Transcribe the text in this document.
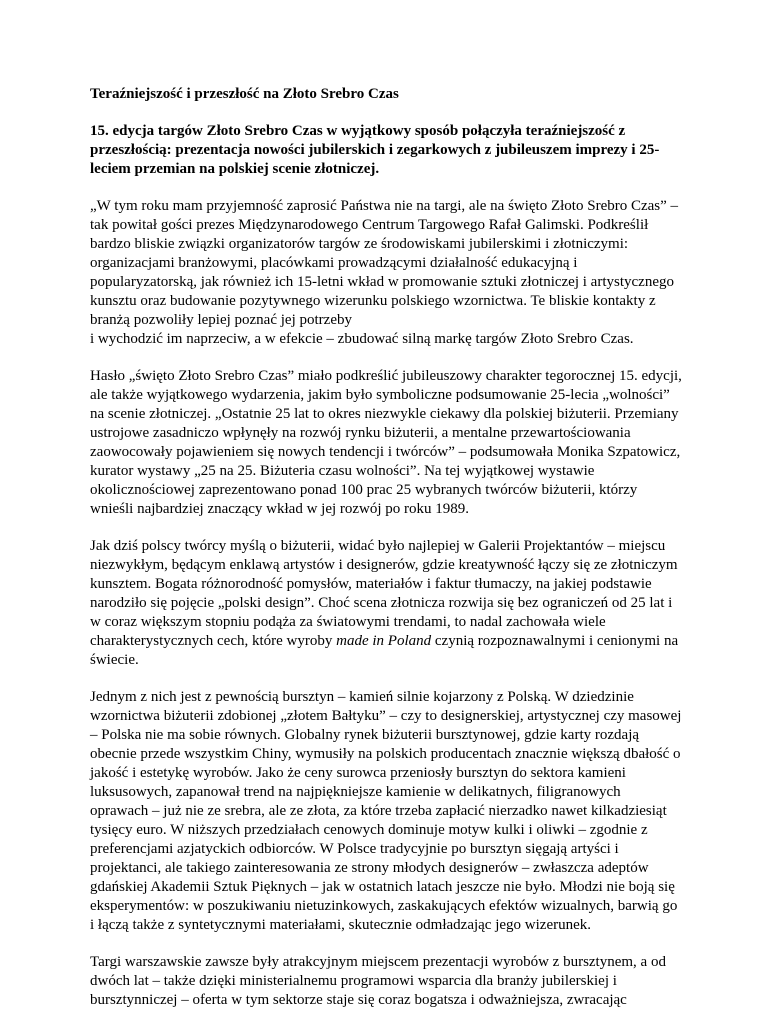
Teraźniejszość i przeszłość na Złoto Srebro Czas

15. edycja targów Złoto Srebro Czas w wyjątkowy sposób połączyła teraźniejszość z przeszłością: prezentacja nowości jubilerskich i zegarkowych z jubileuszem imprezy i 25-leciem przemian na polskiej scenie złotniczej.

„W tym roku mam przyjemność zaprosić Państwa nie na targi, ale na święto Złoto Srebro Czas” – tak powitał gości prezes Międzynarodowego Centrum Targowego Rafał Galimski. Podkreślił bardzo bliskie związki organizatorów targów ze środowiskami jubilerskimi i złotniczymi: organizacjami branżowymi, placówkami prowadzącymi działalność edukacyjną i popularyzatorską, jak również ich 15-letni wkład w promowanie sztuki złotniczej i artystycznego kunsztu oraz budowanie pozytywnego wizerunku polskiego wzornictwa. Te bliskie kontakty z branżą pozwoliły lepiej poznać jej potrzeby
i wychodzić im naprzeciw, a w efekcie – zbudować silną markę targów Złoto Srebro Czas.

Hasło „święto Złoto Srebro Czas” miało podkreślić jubileuszowy charakter tegorocznej 15. edycji, ale także wyjątkowego wydarzenia, jakim było symboliczne podsumowanie 25-lecia „wolności” na scenie złotniczej. „Ostatnie 25 lat to okres niezwykle ciekawy dla polskiej biżuterii. Przemiany ustrojowe zasadniczo wpłynęły na rozwój rynku biżuterii, a mentalne przewartościowania zaowocowały pojawieniem się nowych tendencji i twórców” – podsumowała Monika Szpatowicz, kurator wystawy „25 na 25. Biżuteria czasu wolności”. Na tej wyjątkowej wystawie okolicznościowej zaprezentowano ponad 100 prac 25 wybranych twórców biżuterii, którzy wnieśli najbardziej znaczący wkład w jej rozwój po roku 1989.

Jak dziś polscy twórcy myślą o biżuterii, widać było najlepiej w Galerii Projektantów – miejscu niezwykłym, będącym enklawą artystów i designerów, gdzie kreatywność łączy się ze złotniczym kunsztem. Bogata różnorodność pomysłów, materiałów i faktur tłumaczy, na jakiej podstawie narodziło się pojęcie „polski design”. Choć scena złotnicza rozwija się bez ograniczeń od 25 lat i w coraz większym stopniu podąża za światowymi trendami, to nadal zachowała wiele charakterystycznych cech, które wyroby made in Poland czynią rozpoznawalnymi i cenionymi na świecie.

Jednym z nich jest z pewnością bursztyn – kamień silnie kojarzony z Polską. W dziedzinie wzornictwa biżuterii zdobionej „złotem Bałtyku” – czy to designerskiej, artystycznej czy masowej – Polska nie ma sobie równych. Globalny rynek biżuterii bursztynowej, gdzie karty rozdają obecnie przede wszystkim Chiny, wymusiły na polskich producentach znacznie większą dbałość o jakość i estetykę wyrobów. Jako że ceny surowca przeniosły bursztyn do sektora kamieni luksusowych, zapanował trend na najpiękniejsze kamienie w delikatnych, filigranowych oprawach – już nie ze srebra, ale ze złota, za które trzeba zapłacić nierzadko nawet kilkadziesiąt tysięcy euro. W niższych przedziałach cenowych dominuje motyw kulki i oliwki – zgodnie z preferencjami azjatyckich odbiorców. W Polsce tradycyjnie po bursztyn sięgają artyści i projektanci, ale takiego zainteresowania ze strony młodych designerów – zwłaszcza adeptów gdańskiej Akademii Sztuk Pięknych – jak w ostatnich latach jeszcze nie było. Młodzi nie boją się eksperymentów: w poszukiwaniu nietuzinkowych, zaskakujących efektów wizualnych, barwią go i łączą także z syntetycznymi materiałami, skutecznie odmładzając jego wizerunek.

Targi warszawskie zawsze były atrakcyjnym miejscem prezentacji wyrobów z bursztynem, a od dwóch lat – także dzięki ministerialnemu programowi wsparcia dla branży jubilerskiej i bursztynniczej – oferta w tym sektorze staje się coraz bogatsza i odważniejsza, zwracając
